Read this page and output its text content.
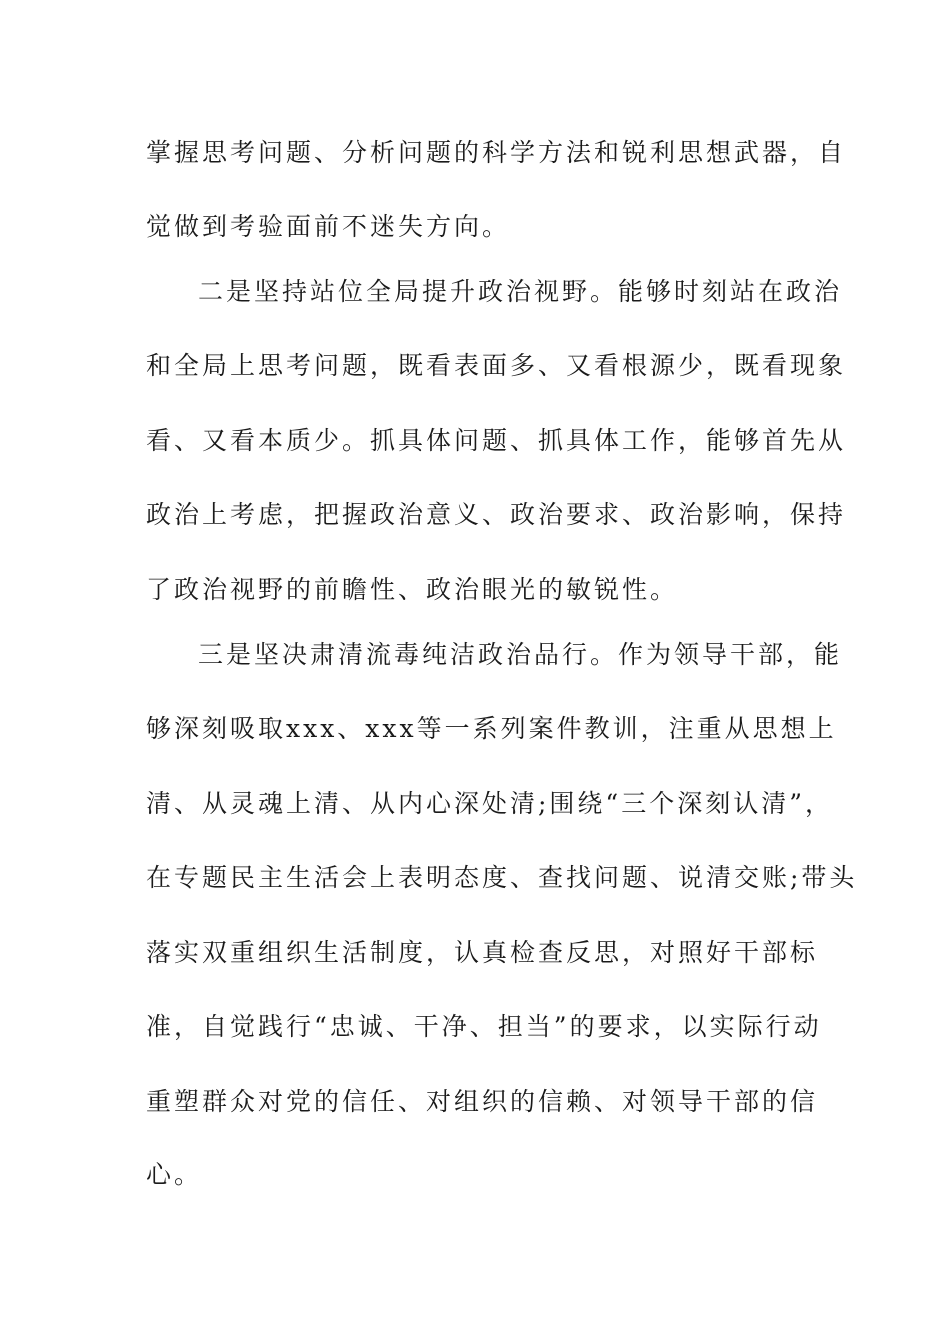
掌握思考问题、分析问题的科学方法和锐利思想武器，自
觉做到考验面前不迷失方向。
二是坚持站位全局提升政治视野。能够时刻站在政治
和全局上思考问题，既看表面多、又看根源少，既看现象
看、又看本质少。抓具体问题、抓具体工作，能够首先从
政治上考虑，把握政治意义、政治要求、政治影响，保持
了政治视野的前瞻性、政治眼光的敏锐性。
三是坚决肃清流毒纯洁政治品行。作为领导干部，能
够深刻吸取xxx、xxx等一系列案件教训，注重从思想上
清、从灵魂上清、从内心深处清;围绕“三个深刻认清”，
在专题民主生活会上表明态度、查找问题、说清交账;带头
落实双重组织生活制度，认真检查反思，对照好干部标
准，自觉践行“忠诚、干净、担当”的要求，以实际行动
重塑群众对党的信任、对组织的信赖、对领导干部的信
心。
